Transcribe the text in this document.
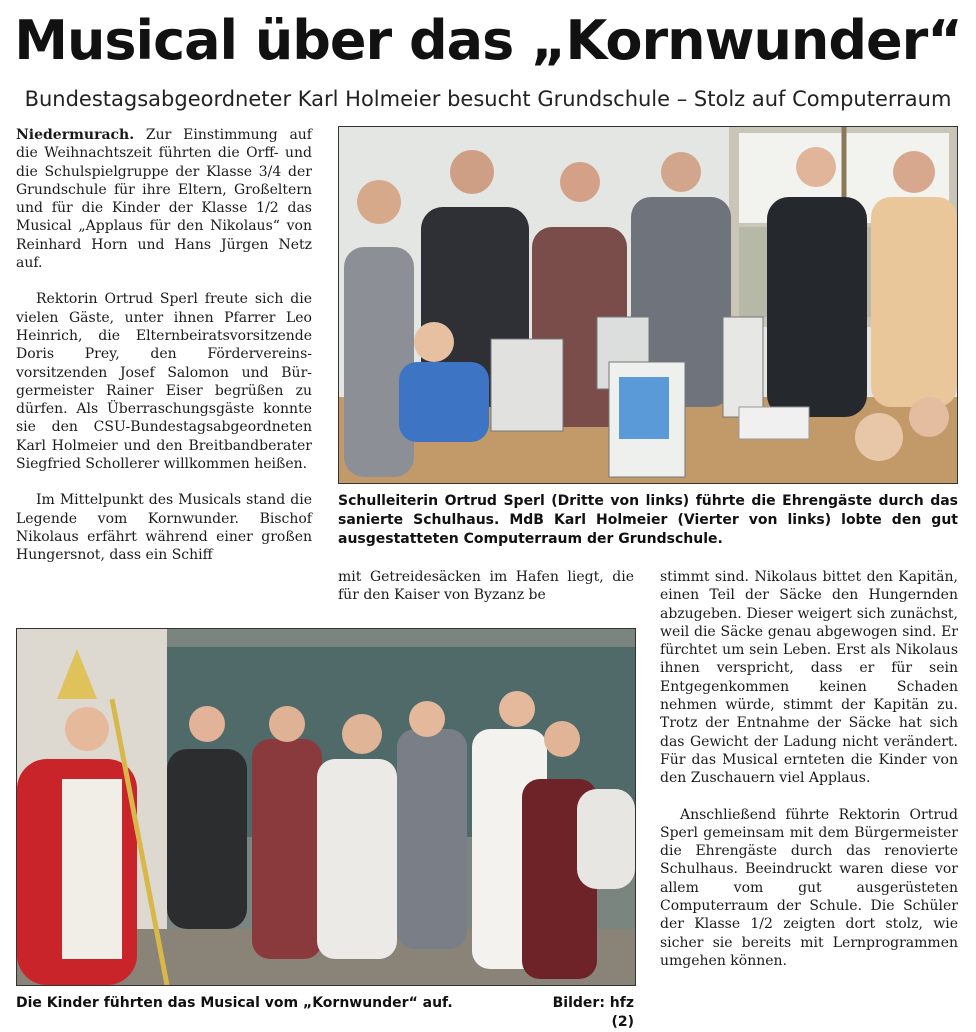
Musical über das „Kornwunder“
Bundestagsabgeordneter Karl Holmeier besucht Grundschule – Stolz auf Computerraum

Niedermurach. Zur Einstimmung auf die Weihnachtszeit führten die Orff- und die Schulspielgruppe der Klasse 3/4 der Grundschule für ihre Eltern, Großeltern und für die Kinder der Klasse 1/2 das Musical „Applaus für den Nikolaus“ von Reinhard Horn und Hans Jürgen Netz auf.

Rektorin Ortrud Sperl freute sich die vielen Gäste, unter ihnen Pfarrer Leo Heinrich, die Elternbeiratsvorsitzende Doris Prey, den Fördervereinsvorsitzenden Josef Salomon und Bürgermeister Rainer Eiser begrüßen zu dürfen. Als Überraschungsgäste konnte sie den CSU-Bundestagsabgeordneten Karl Holmeier und den Breitbandberater Siegfried Schollerer willkommen heißen.

Im Mittelpunkt des Musicals stand die Legende vom Kornwunder. Bischof Nikolaus erfährt während einer großen Hungersnot, dass ein Schiff

Schulleiterin Ortrud Sperl (Dritte von links) führte die Ehrengäste durch das sanierte Schulhaus. MdB Karl Holmeier (Vierter von links) lobte den gut ausgestatteten Computerraum der Grundschule.

mit Getreidesäcken im Hafen liegt, die für den Kaiser von Byzanz be

stimmt sind. Nikolaus bittet den Kapitän, einen Teil der Säcke den Hungernden abzugeben. Dieser weigert sich zunächst, weil die Säcke genau abgewogen sind. Er fürchtet um sein Leben. Erst als Nikolaus ihnen verspricht, dass er für sein Entgegenkommen keinen Schaden nehmen würde, stimmt der Kapitän zu. Trotz der Entnahme der Säcke hat sich das Gewicht der Ladung nicht verändert. Für das Musical ernteten die Kinder von den Zuschauern viel Applaus.

Anschließend führte Rektorin Ortrud Sperl gemeinsam mit dem Bürgermeister die Ehrengäste durch das renovierte Schulhaus. Beeindruckt waren diese vor allem vom gut ausgerüsteten Computerraum der Schule. Die Schüler der Klasse 1/2 zeigten dort stolz, wie sicher sie bereits mit Lernprogrammen umgehen können.

Die Kinder führten das Musical vom „Kornwunder“ auf.	Bilder: hfz (2)
